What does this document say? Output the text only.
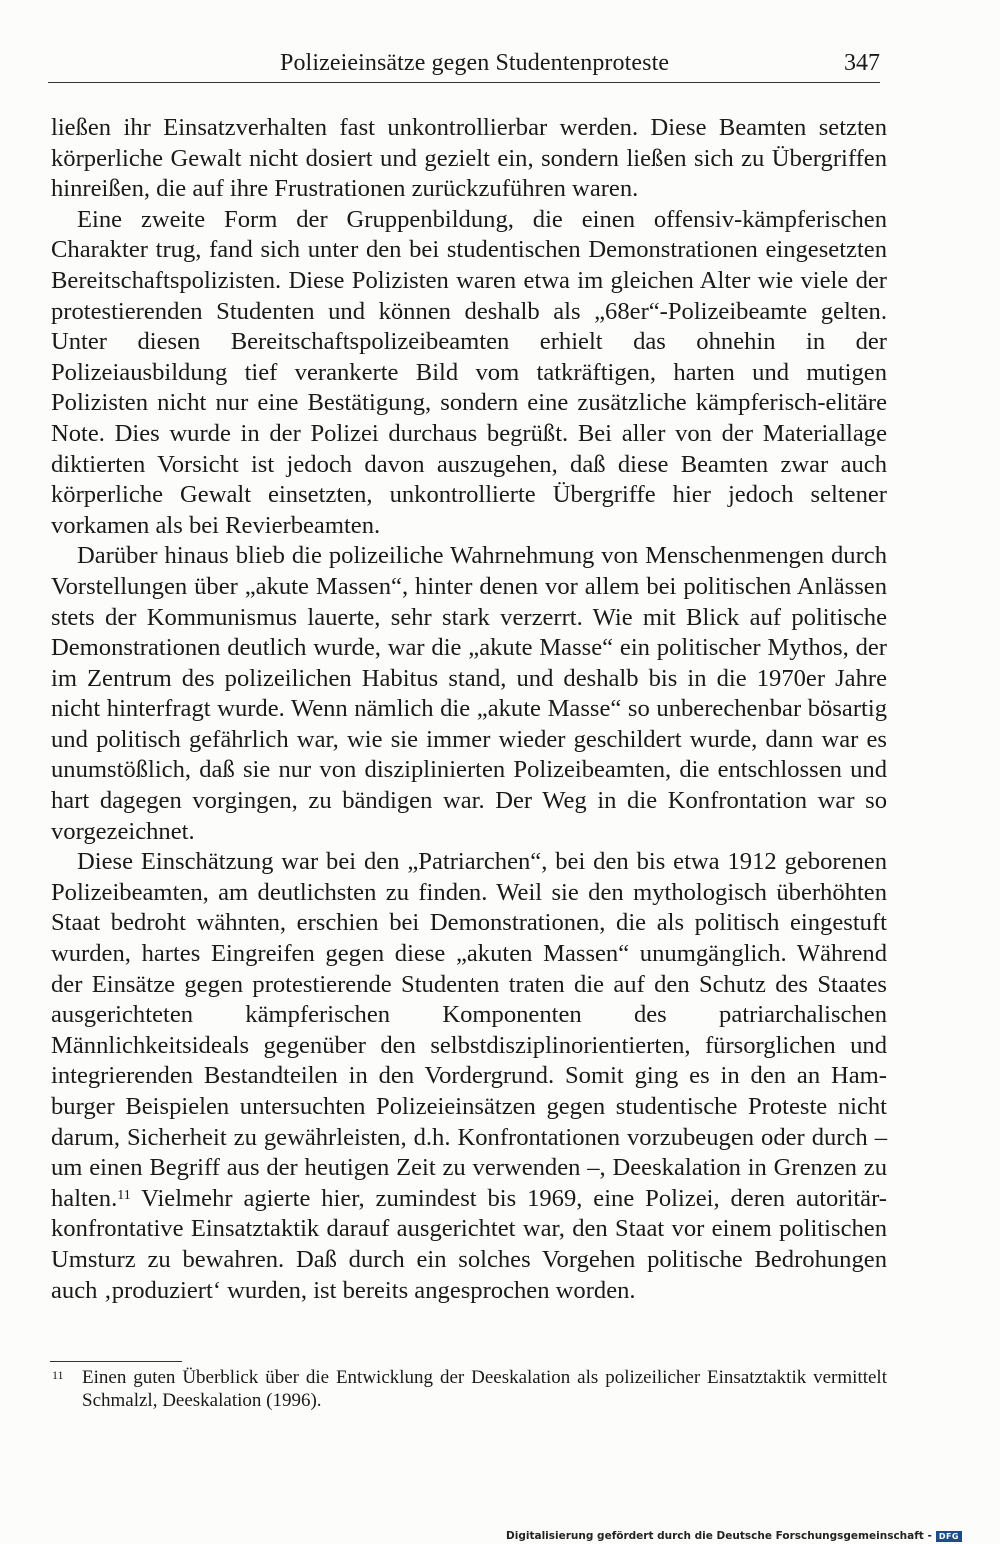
Polizeieinsätze gegen Studentenproteste	347

ließen ihr Einsatzverhalten fast unkontrollierbar werden. Diese Beamten setzten körperliche Gewalt nicht dosiert und gezielt ein, sondern ließen sich zu Übergriffen hinreißen, die auf ihre Frustrationen zurückzuführen waren.

Eine zweite Form der Gruppenbildung, die einen offensiv-kämpferischen Charakter trug, fand sich unter den bei studentischen Demonstrationen eingesetzten Bereitschaftspolizisten. Diese Polizisten waren etwa im gleichen Alter wie viele der protestierenden Studenten und können deshalb als „68er“-Polizeibeamte gelten. Unter diesen Bereitschaftspolizeibeamten erhielt das ohnehin in der Polizeiausbildung tief verankerte Bild vom tatkräftigen, harten und mutigen Polizisten nicht nur eine Bestätigung, sondern eine zusätzliche kämpferisch-elitäre Note. Dies wurde in der Polizei durchaus begrüßt. Bei aller von der Materiallage diktierten Vorsicht ist jedoch davon auszugehen, daß diese Beamten zwar auch körperliche Gewalt einsetzten, unkontrollierte Übergriffe hier jedoch seltener vorkamen als bei Revierbeamten.

Darüber hinaus blieb die polizeiliche Wahrnehmung von Menschenmengen durch Vorstellungen über „akute Massen“, hinter denen vor allem bei politischen Anlässen stets der Kommunismus lauerte, sehr stark verzerrt. Wie mit Blick auf politische Demonstrationen deutlich wurde, war die „akute Masse“ ein politischer Mythos, der im Zentrum des polizeilichen Habitus stand, und deshalb bis in die 1970er Jahre nicht hinterfragt wurde. Wenn nämlich die „akute Masse“ so unberechenbar bösartig und politisch gefährlich war, wie sie immer wieder geschildert wurde, dann war es unumstößlich, daß sie nur von disziplinierten Polizeibeamten, die entschlossen und hart dagegen vorgingen, zu bändigen war. Der Weg in die Konfrontation war so vorgezeichnet.

Diese Einschätzung war bei den „Patriarchen“, bei den bis etwa 1912 geborenen Polizeibeamten, am deutlichsten zu finden. Weil sie den mythologisch überhöhten Staat bedroht wähnten, erschien bei Demonstrationen, die als politisch eingestuft wurden, hartes Eingreifen gegen diese „akuten Massen“ unumgänglich. Während der Einsätze gegen protestierende Studenten traten die auf den Schutz des Staates ausgerichteten kämpferischen Komponenten des patriarchalischen Männlichkeitsideals gegenüber den selbstdisziplinorientierten, fürsorglichen und integrierenden Bestandteilen in den Vordergrund. Somit ging es in den an Hamburger Beispielen untersuchten Polizeieinsätzen gegen studentische Proteste nicht darum, Sicherheit zu gewährleisten, d.h. Konfrontationen vorzubeugen oder durch – um einen Begriff aus der heutigen Zeit zu verwenden –, Deeskalation in Grenzen zu halten.$^{11}$ Vielmehr agierte hier, zumindest bis 1969, eine Polizei, deren autoritär-konfrontative Einsatztaktik darauf ausgerichtet war, den Staat vor einem politischen Umsturz zu bewahren. Daß durch ein solches Vorgehen politische Bedrohungen auch ‚produziert‘ wurden, ist bereits angesprochen worden.

11 Einen guten Überblick über die Entwicklung der Deeskalation als polizeilicher Einsatztaktik vermittelt Schmalzl, Deeskalation (1996).
Digitalisierung gefördert durch die Deutsche Forschungsgemeinschaft - DFG
